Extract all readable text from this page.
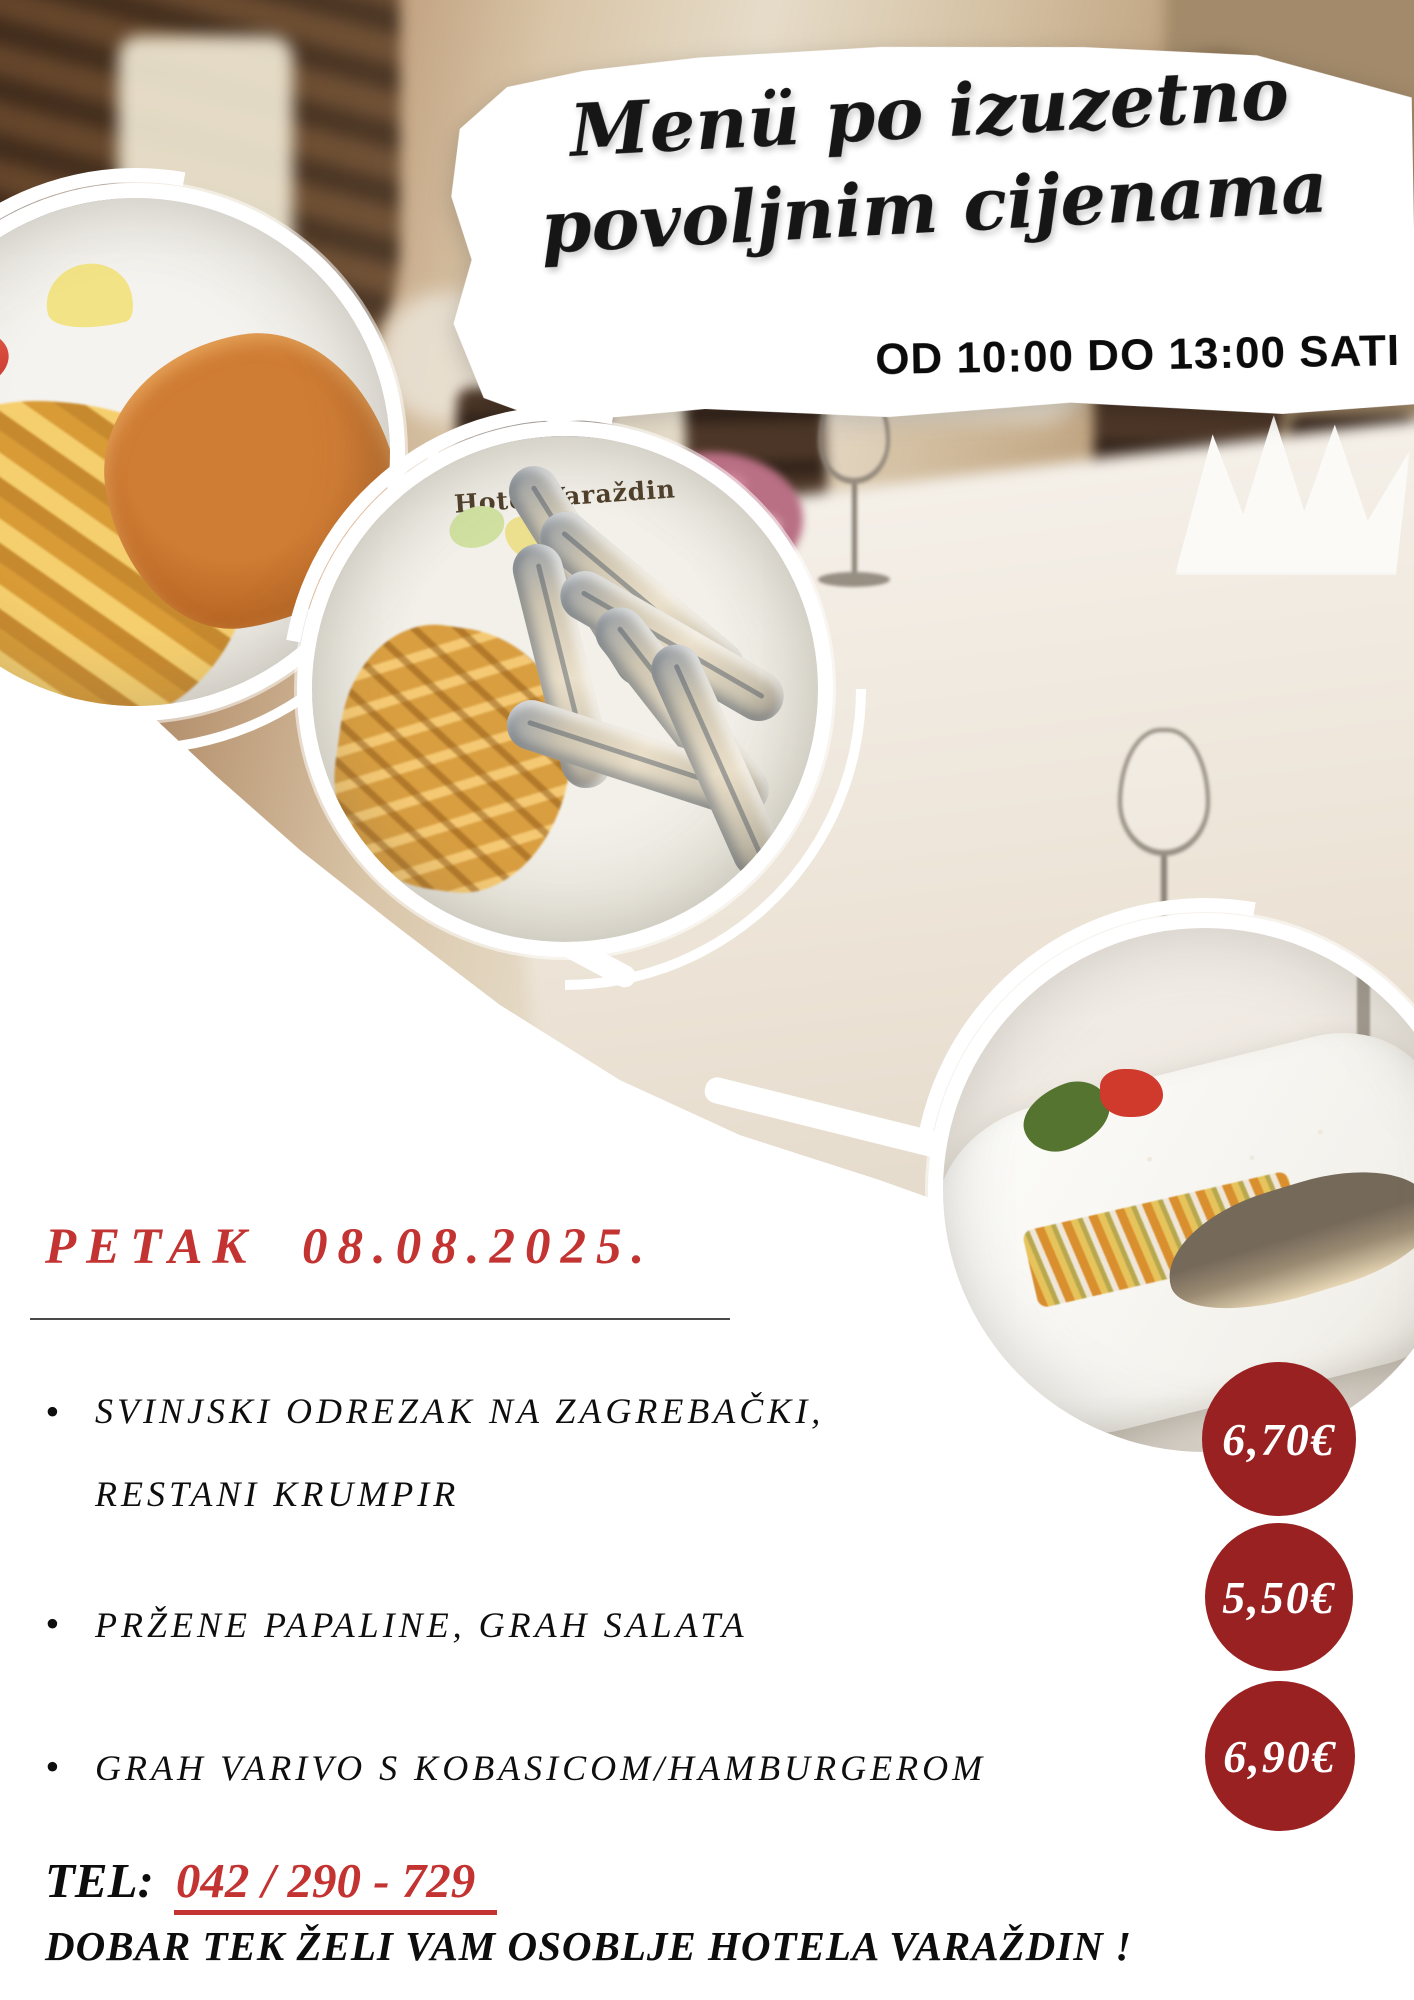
Menü po izuzetno
povoljnim cijenama
OD 10:00 DO 13:00 SATI
Hotel Varaždin
PETAK  08.08.2025.
• SVINJSKI ODREZAK NA ZAGREBAČKI,
RESTANI KRUMPIR
• PRŽENE PAPALINE, GRAH SALATA
• GRAH VARIVO S KOBASICOM/HAMBURGEROM
6,70€
5,50€
6,90€
TEL: 042 / 290 - 729
DOBAR TEK ŽELI VAM OSOBLJE HOTELA VARAŽDIN !
